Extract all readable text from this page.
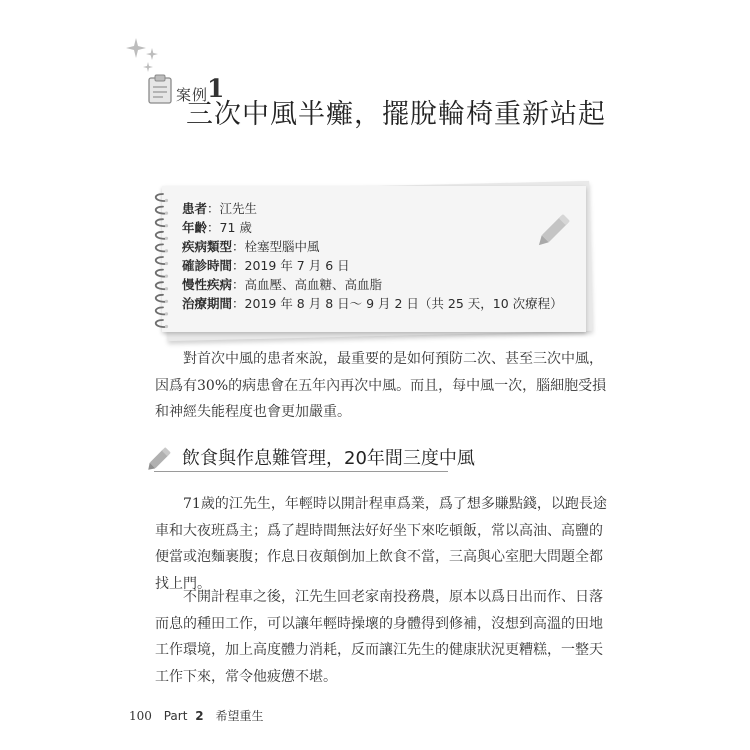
案例
1
三次中風半癱，擺脫輪椅重新站起
患者：江先生
年齡：71 歲
疾病類型：栓塞型腦中風
確診時間：2019 年 7 月 6 日
慢性疾病：高血壓、高血糖、高血脂
治療期間：2019 年 8 月 8 日～ 9 月 2 日（共 25 天，10 次療程）

　　對首次中風的患者來說，最重要的是如何預防二次、甚至三次中風，
因爲有30%的病患會在五年內再次中風。而且，每中風一次，腦細胞受損
和神經失能程度也會更加嚴重。

飲食與作息難管理，20年間三度中風

　　71歲的江先生，年輕時以開計程車爲業，爲了想多賺點錢，以跑長途
車和大夜班爲主；爲了趕時間無法好好坐下來吃頓飯，常以高油、高鹽的
便當或泡麵裹腹；作息日夜顛倒加上飲食不當，三高與心室肥大問題全都
找上門。

　　不開計程車之後，江先生回老家南投務農，原本以爲日出而作、日落
而息的種田工作，可以讓年輕時操壞的身體得到修補，沒想到高溫的田地
工作環境，加上高度體力消耗，反而讓江先生的健康狀況更糟糕，一整天
工作下來，常令他疲憊不堪。

100 Part 2 希望重生
